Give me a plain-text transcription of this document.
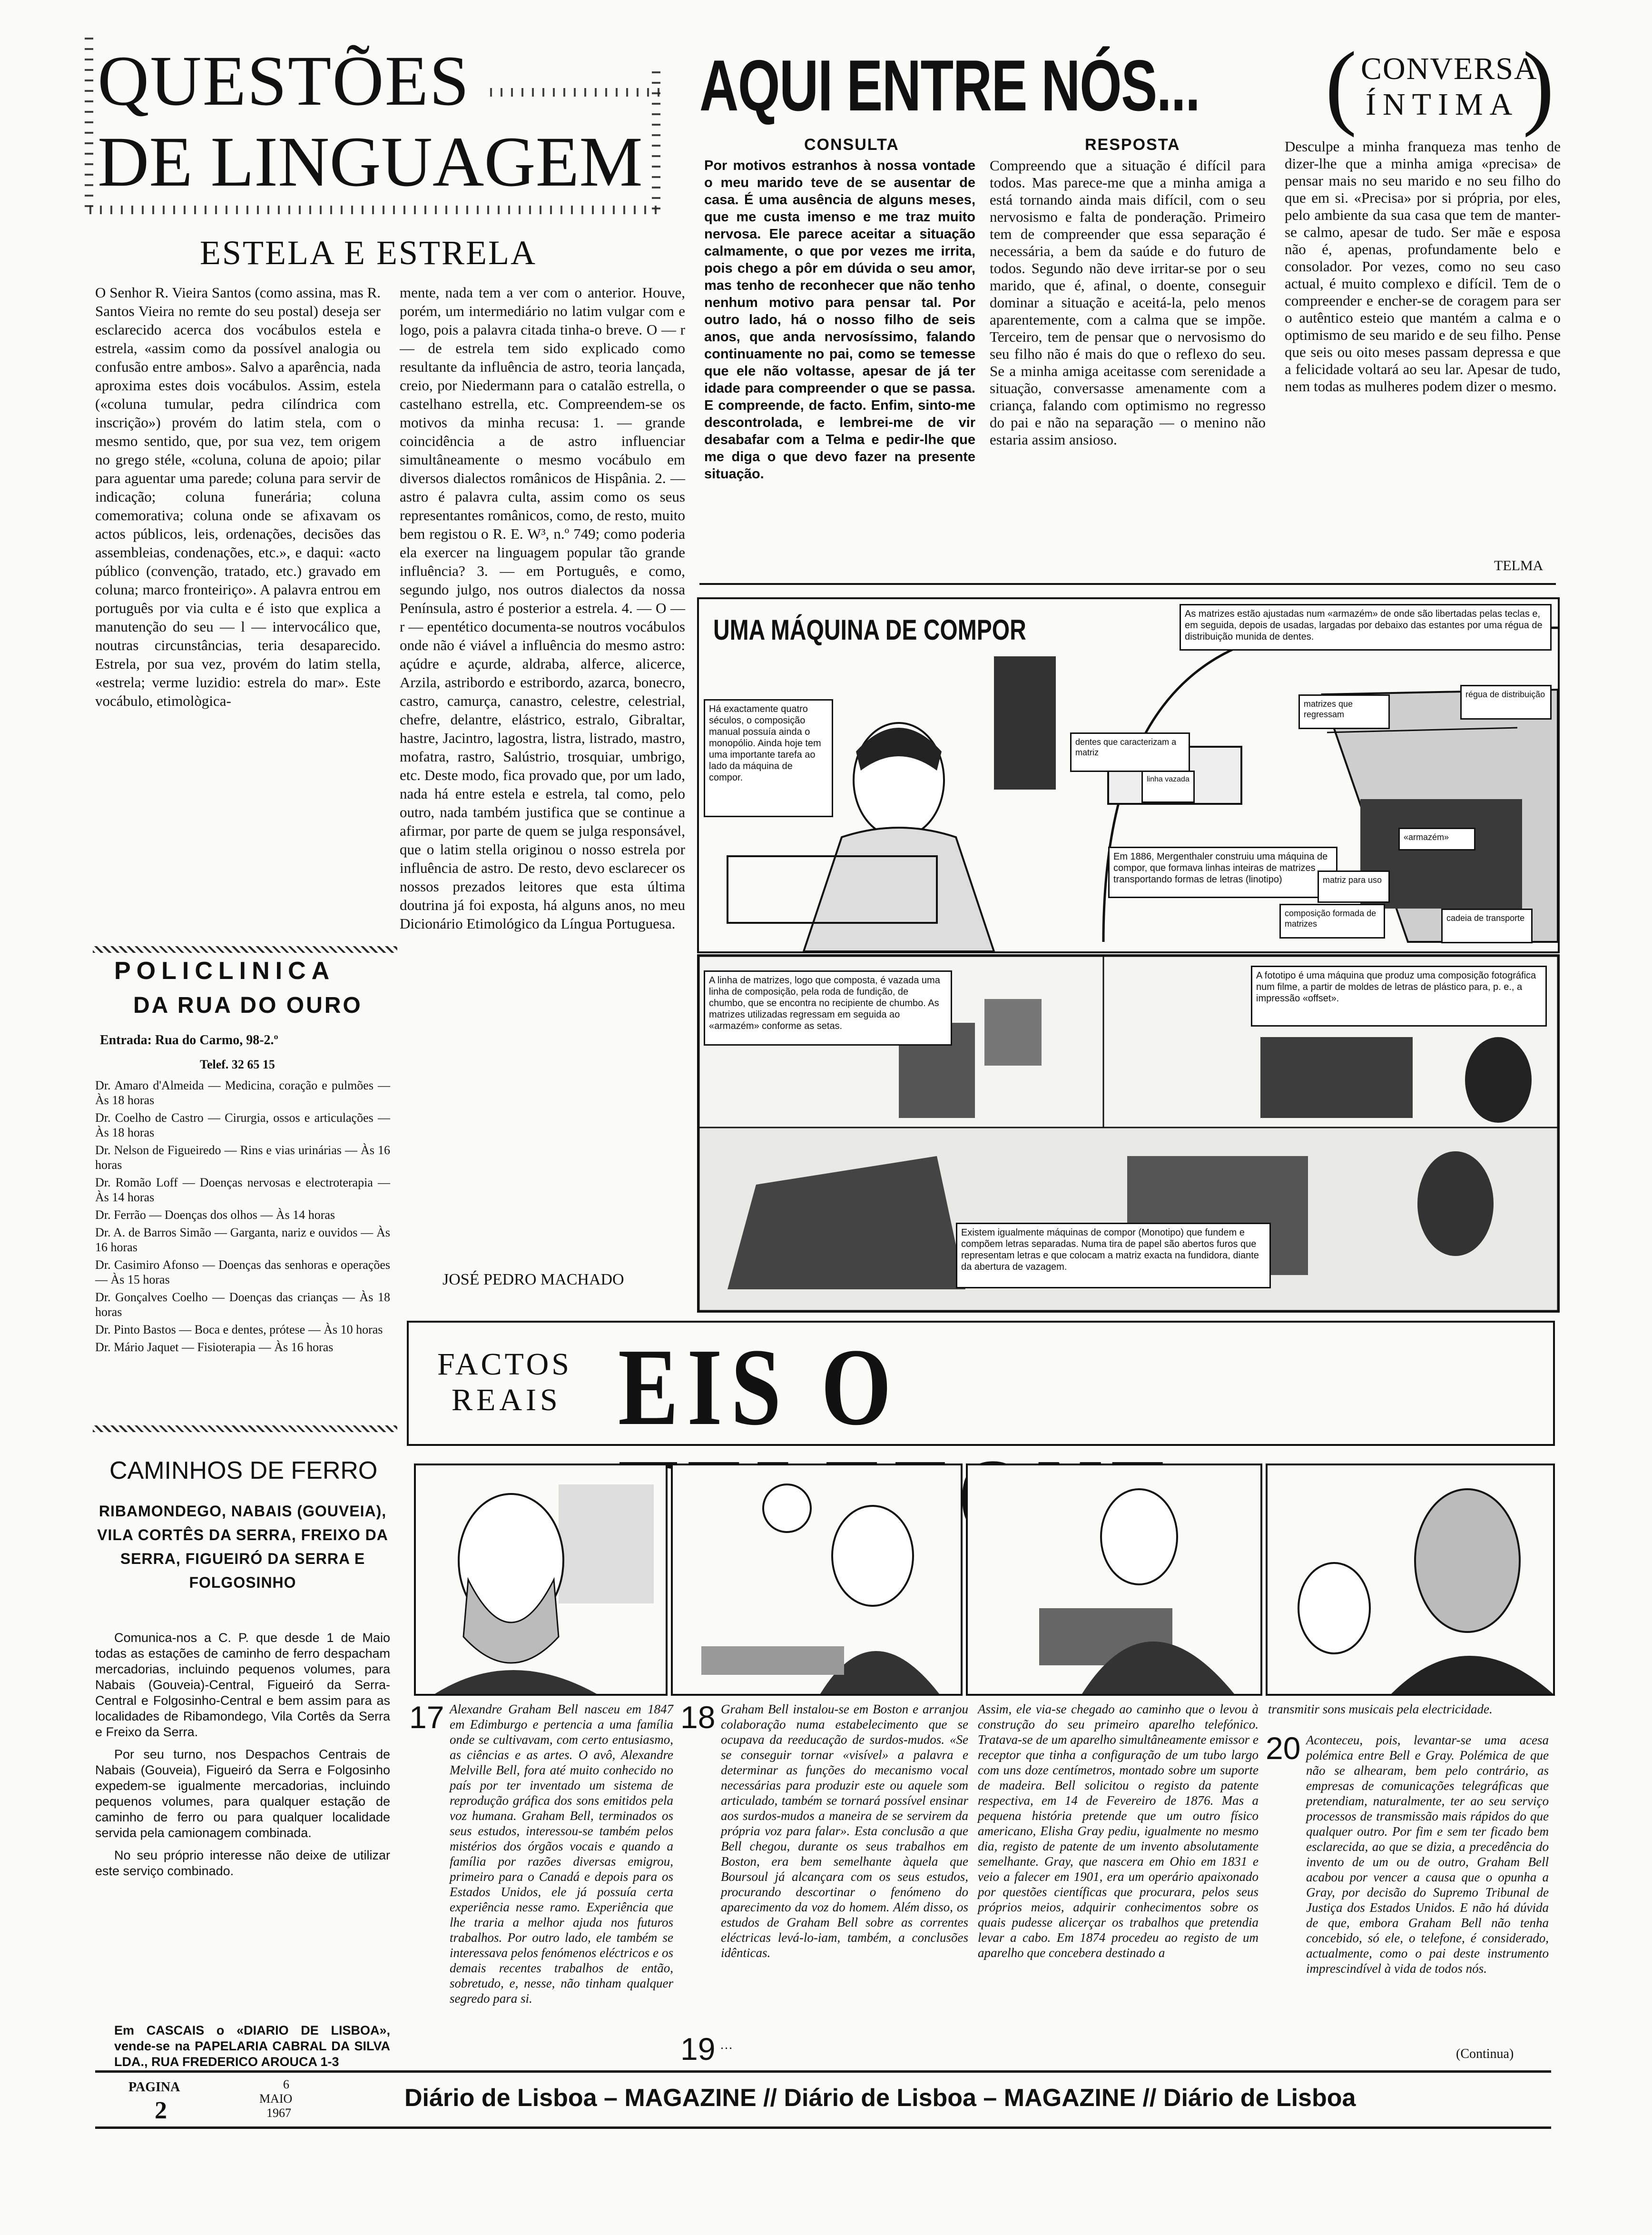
QUESTÕES
DE LINGUAGEM
ESTELA E ESTRELA

O Senhor R. Vieira Santos (como assina, mas R. Santos Vieira no remte do seu postal) deseja ser esclarecido acerca dos vocábulos estela e estrela, «assim como da possível analogia ou confusão entre ambos». Salvo a aparência, nada aproxima estes dois vocábulos. Assim, estela («coluna tumular, pedra cilíndrica com inscrição») provém do latim stela, com o mesmo sentido, que, por sua vez, tem origem no grego stéle, «coluna, coluna de apoio; pilar para aguentar uma parede; coluna para servir de indicação; coluna funerária; coluna comemorativa; coluna onde se afixavam os actos públicos, leis, ordenações, decisões das assembleias, condenações, etc.», e daqui: «acto público (convenção, tratado, etc.) gravado em coluna; marco fronteiriço». A palavra entrou em português por via culta e é isto que explica a manutenção do seu — l — intervocálico que, noutras circunstâncias, teria desaparecido. Estrela, por sua vez, provém do latim stella, «estrela; verme luzidio: estrela do mar». Este vocábulo, etimològica-

mente, nada tem a ver com o anterior. Houve, porém, um intermediário no latim vulgar com e logo, pois a palavra citada tinha-o breve. O — r — de estrela tem sido explicado como resultante da influência de astro, teoria lançada, creio, por Niedermann para o catalão estrella, o castelhano estrella, etc. Compreendem-se os motivos da minha recusa: 1. — grande coincidência a de astro influenciar simultâneamente o mesmo vocábulo em diversos dialectos românicos de Hispânia. 2. — astro é palavra culta, assim como os seus representantes românicos, como, de resto, muito bem registou o R. E. W³, n.º 749; como poderia ela exercer na linguagem popular tão grande influência? 3. — em Português, e como, segundo julgo, nos outros dialectos da nossa Península, astro é posterior a estrela. 4. — O — r — epentético documenta-se noutros vocábulos onde não é viável a influência do mesmo astro: açúdre e açurde, aldraba, alferce, alicerce, Arzila, astribordo e estribordo, azarca, bonecro, castro, camurça, canastro, celestre, celestrial, chefre, delantre, elástrico, estralo, Gibraltar, hastre, Jacintro, lagostra, listra, listrado, mastro, mofatra, rastro, Salústrio, trosquiar, umbrigo, etc. Deste modo, fica provado que, por um lado, nada há entre estela e estrela, tal como, pelo outro, nada também justifica que se continue a afirmar, por parte de quem se julga responsável, que o latim stella originou o nosso estrela por influência de astro. De resto, devo esclarecer os nossos prezados leitores que esta última doutrina já foi exposta, há alguns anos, no meu Dicionário Etimológico da Língua Portuguesa.

JOSÉ PEDRO MACHADO
AQUI ENTRE NÓS... ( CONVERSA
ÍNTIMA )
CONSULTA

Por motivos estranhos à nossa vontade o meu marido teve de se ausentar de casa. É uma ausência de alguns meses, que me custa imenso e me traz muito nervosa. Ele parece aceitar a situação calmamente, o que por vezes me irrita, pois chego a pôr em dúvida o seu amor, mas tenho de reconhecer que não tenho nenhum motivo para pensar tal. Por outro lado, há o nosso filho de seis anos, que anda nervosíssimo, falando continuamente no pai, como se temesse que ele não voltasse, apesar de já ter idade para compreender o que se passa. E compreende, de facto. Enfim, sinto-me descontrolada, e lembrei-me de vir desabafar com a Telma e pedir-lhe que me diga o que devo fazer na presente situação.

RESPOSTA

Compreendo que a situação é difícil para todos. Mas parece-me que a minha amiga a está tornando ainda mais difícil, com o seu nervosismo e falta de ponderação. Primeiro tem de compreender que essa separação é necessária, a bem da saúde e do futuro de todos. Segundo não deve irritar-se por o seu marido, que é, afinal, o doente, conseguir dominar a situação e aceitá-la, pelo menos aparentemente, com a calma que se impõe. Terceiro, tem de pensar que o nervosismo do seu filho não é mais do que o reflexo do seu. Se a minha amiga aceitasse com serenidade a situação, conversasse amenamente com a criança, falando com optimismo no regresso do pai e não na separação — o menino não estaria assim ansioso.

Desculpe a minha franqueza mas tenho de dizer-lhe que a minha amiga «precisa» de pensar mais no seu marido e no seu filho do que em si. «Precisa» por si própria, por eles, pelo ambiente da sua casa que tem de manter-se calmo, apesar de tudo. Ser mãe e esposa não é, apenas, profundamente belo e consolador. Por vezes, como no seu caso actual, é muito complexo e difícil. Tem de o compreender e encher-se de coragem para ser o autêntico esteio que mantém a calma e o optimismo de seu marido e de seu filho. Pense que seis ou oito meses passam depressa e que a felicidade voltará ao seu lar. Apesar de tudo, nem todas as mulheres podem dizer o mesmo.

TELMA
UMA MÁQUINA DE COMPOR
Há exactamente quatro séculos, o composição manual possuía ainda o monopólio. Ainda hoje tem uma importante tarefa ao lado da máquina de compor.
dentes que caracterizam a matriz
linha vazada
Em 1886, Mergenthaler construiu uma máquina de compor, que formava linhas inteiras de matrizes transportando formas de letras (linotipo)
As matrizes estão ajustadas num «armazém» de onde são libertadas pelas teclas e, em seguida, depois de usadas, largadas por debaixo das estantes por uma régua de distribuição munida de dentes.
matrizes que regressam
régua de distribuição
«armazém»
matriz para uso
composição formada de matrizes
cadeia de transporte
A linha de matrizes, logo que composta, é vazada uma linha de composição, pela roda de fundição, de chumbo, que se encontra no recipiente de chumbo. As matrizes utilizadas regressam em seguida ao «armazém» conforme as setas.
A fototipo é uma máquina que produz uma composição fotográfica num filme, a partir de moldes de letras de plástico para, p. e., a impressão «offset».
Existem igualmente máquinas de compor (Monotipo) que fundem e compõem letras separadas. Numa tira de papel são abertos furos que representam letras e que colocam a matriz exacta na fundidora, diante da abertura de vazagem.
POLICLINICA
DA RUA DO OURO
Entrada: Rua do Carmo, 98-2.º
Telef. 32 65 15

Dr. Amaro d'Almeida — Medicina, coração e pulmões — Às 18 horas

Dr. Coelho de Castro — Cirurgia, ossos e articulações — Às 18 horas

Dr. Nelson de Figueiredo — Rins e vias urinárias — Às 16 horas

Dr. Romão Loff — Doenças nervosas e electroterapia — Às 14 horas

Dr. Ferrão — Doenças dos olhos — Às 14 horas

Dr. A. de Barros Simão — Garganta, nariz e ouvidos — Às 16 horas

Dr. Casimiro Afonso — Doenças das senhoras e operações — Às 15 horas

Dr. Gonçalves Coelho — Doenças das crianças — Às 18 horas

Dr. Pinto Bastos — Boca e dentes, prótese — Às 10 horas

Dr. Mário Jaquet — Fisioterapia — Às 16 horas

CAMINHOS DE FERRO
RIBAMONDEGO, NABAIS (GOUVEIA), VILA CORTÊS DA SERRA, FREIXO DA SERRA, FIGUEIRÓ DA SERRA E FOLGOSINHO

Comunica-nos a C. P. que desde 1 de Maio todas as estações de caminho de ferro despacham mercadorias, incluindo pequenos volumes, para Nabais (Gouveia)-Central, Figueiró da Serra-Central e Folgosinho-Central e bem assim para as localidades de Ribamondego, Vila Cortês da Serra e Freixo da Serra.

Por seu turno, nos Despachos Centrais de Nabais (Gouveia), Figueiró da Serra e Folgosinho expedem-se igualmente mercadorias, incluindo pequenos volumes, para qualquer estação de caminho de ferro ou para qualquer localidade servida pela camionagem combinada.

No seu próprio interesse não deixe de utilizar este serviço combinado.

Em CASCAIS o «DIARIO DE LISBOA», vende-se na PAPELARIA CABRAL DA SILVA LDA., RUA FREDERICO AROUCA 1-3
FACTOS
REAIS EIS O
17 Alexandre Graham Bell nasceu em 1847 em Edimburgo e pertencia a uma família onde se cultivavam, com certo entusiasmo, as ciências e as artes. O avô, Alexandre Melville Bell, fora até muito conhecido no país por ter inventado um sistema de reprodução gráfica dos sons emitidos pela voz humana. Graham Bell, terminados os seus estudos, interessou-se também pelos mistérios dos órgãos vocais e quando a família por razões diversas emigrou, primeiro para o Canadá e depois para os Estados Unidos, ele já possuía certa experiência nesse ramo. Experiência que lhe traria a melhor ajuda nos futuros trabalhos. Por outro lado, ele também se interessava pelos fenómenos eléctricos e os demais recentes trabalhos de então, sobretudo, e, nesse, não tinham qualquer segredo para si.
18 Graham Bell instalou-se em Boston e arranjou colaboração numa estabelecimento que se ocupava da reeducação de surdos-mudos. «Se se conseguir tornar «visível» a palavra e determinar as funções do mecanismo vocal necessárias para produzir este ou aquele som articulado, também se tornará possível ensinar aos surdos-mudos a maneira de se servirem da própria voz para falar». Esta conclusão a que Bell chegou, durante os seus trabalhos em Boston, era bem semelhante àquela que Boursoul já alcançara com os seus estudos, procurando descortinar o fenómeno do aparecimento da voz do homem. Além disso, os estudos de Graham Bell sobre as correntes eléctricas levá-lo-iam, também, a conclusões idênticas.
19 …
Assim, ele via-se chegado ao caminho que o levou à construção do seu primeiro aparelho telefónico. Tratava-se de um aparelho simultâneamente emissor e receptor que tinha a configuração de um tubo largo com uns doze centímetros, montado sobre um suporte de madeira. Bell solicitou o registo da patente respectiva, em 14 de Fevereiro de 1876. Mas a pequena história pretende que um outro físico americano, Elisha Gray pediu, igualmente no mesmo dia, registo de patente de um invento absolutamente semelhante. Gray, que nascera em Ohio em 1831 e veio a falecer em 1901, era um operário apaixonado por questões científicas que procurara, pelos seus próprios meios, adquirir conhecimentos sobre os quais pudesse alicerçar os trabalhos que pretendia levar a cabo. Em 1874 procedeu ao registo de um aparelho que concebera destinado a
transmitir sons musicais pela electricidade.
20 Aconteceu, pois, levantar-se uma acesa polémica entre Bell e Gray. Polémica de que não se alhearam, bem pelo contrário, as empresas de comunicações telegráficas que pretendiam, naturalmente, ter ao seu serviço processos de transmissão mais rápidos do que qualquer outro. Por fim e sem ter ficado bem esclarecida, ao que se dizia, a precedência do invento de um ou de outro, Graham Bell acabou por vencer a causa que o opunha a Gray, por decisão do Supremo Tribunal de Justiça dos Estados Unidos. E não há dúvida de que, embora Graham Bell não tenha concebido, só ele, o telefone, é considerado, actualmente, como o pai deste instrumento imprescindível à vida de todos nós.
(Continua)
PAGINA
2
6
MAIO
1967
Diário de Lisboa – MAGAZINE // Diário de Lisboa – MAGAZINE // Diário de Lisboa
